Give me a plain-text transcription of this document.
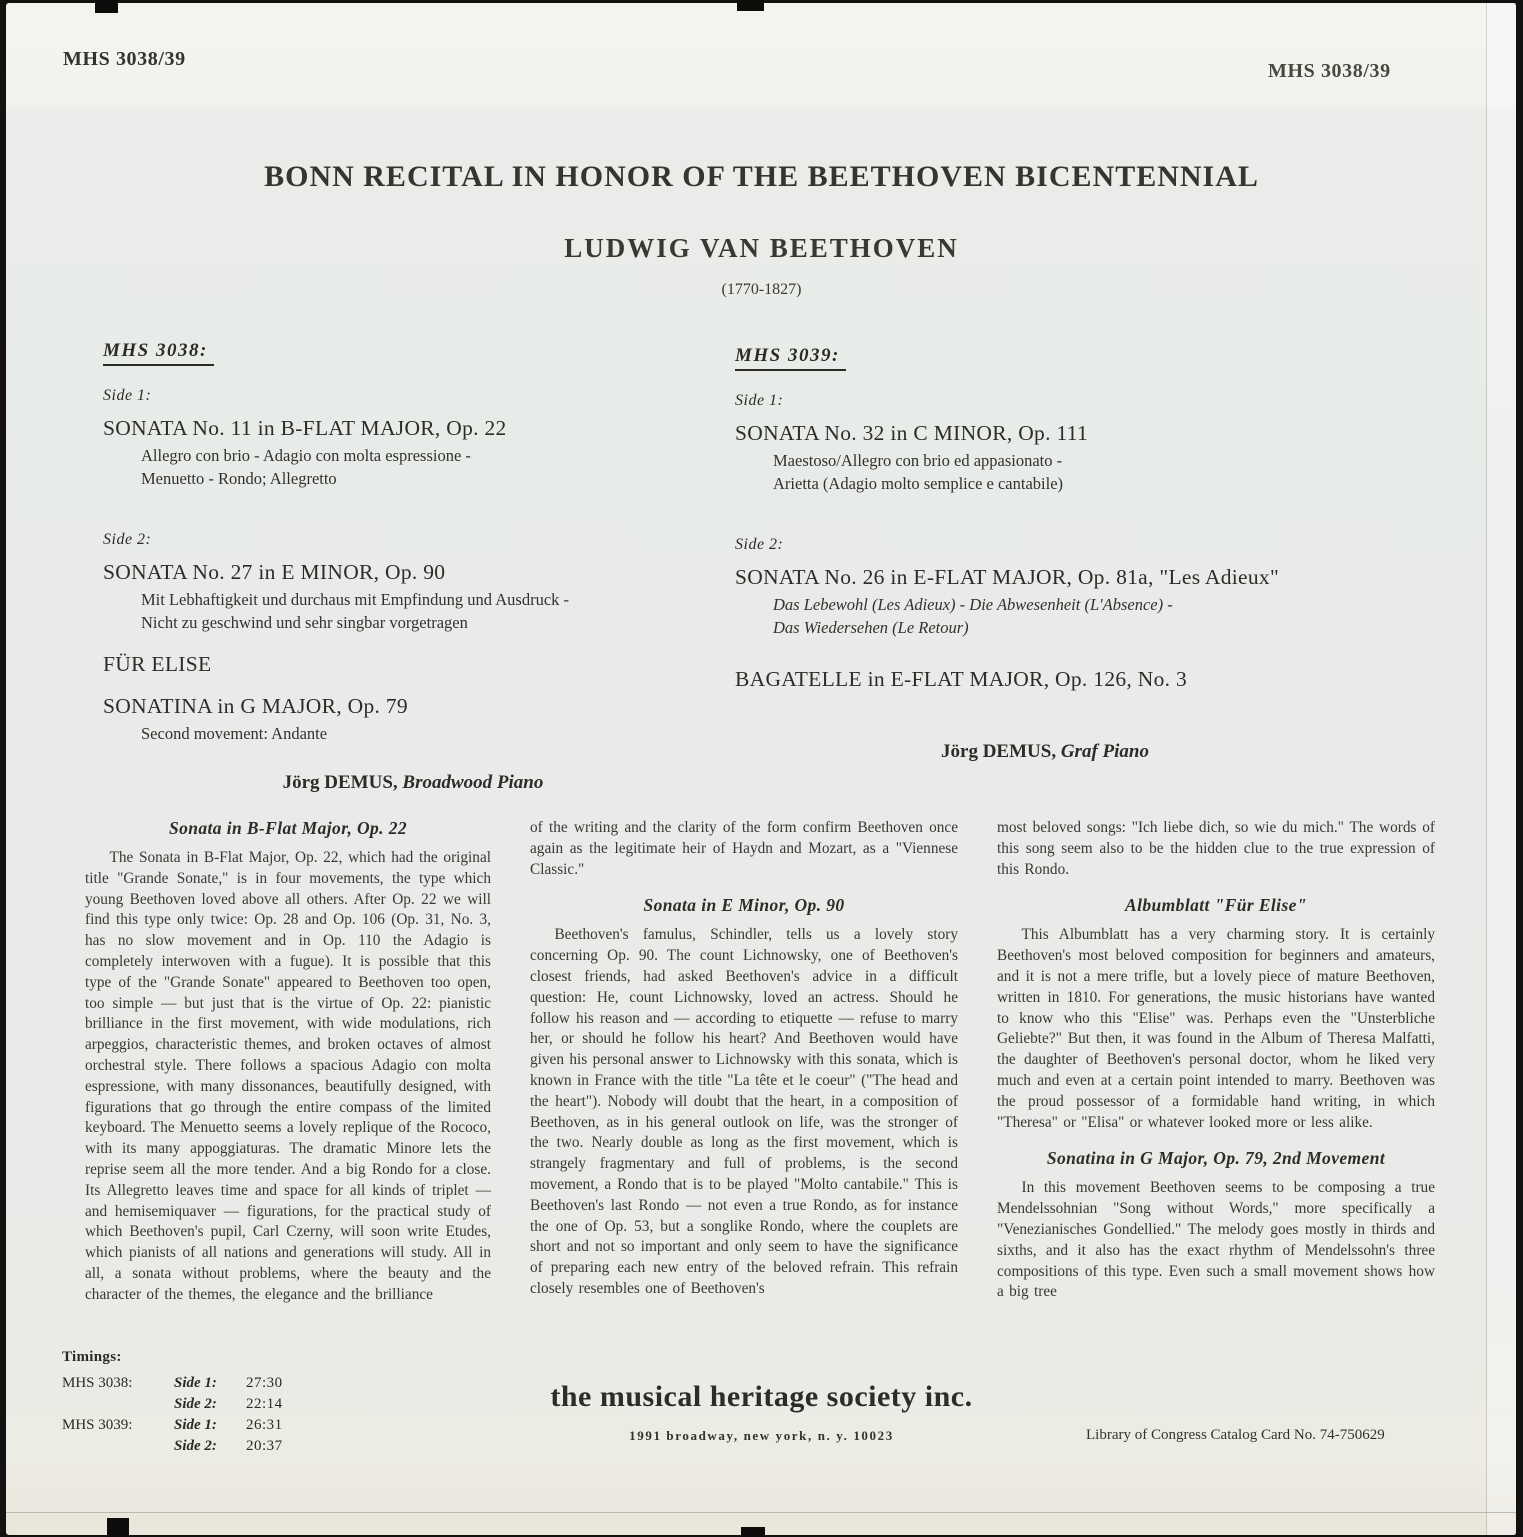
MHS 3038/39
MHS 3038/39
BONN RECITAL IN HONOR OF THE BEETHOVEN BICENTENNIAL
LUDWIG VAN BEETHOVEN
(1770-1827)
MHS 3038:
Side 1:
SONATA No. 11 in B-FLAT MAJOR, Op. 22
Allegro con brio - Adagio con molta espressione -
Menuetto - Rondo; Allegretto
Side 2:
SONATA No. 27 in E MINOR, Op. 90
Mit Lebhaftigkeit und durchaus mit Empfindung und Ausdruck -
Nicht zu geschwind und sehr singbar vorgetragen
FÜR ELISE
SONATINA in G MAJOR, Op. 79
Second movement: Andante
Jörg DEMUS, Broadwood Piano
MHS 3039:
Side 1:
SONATA No. 32 in C MINOR, Op. 111
Maestoso/Allegro con brio ed appasionato -
Arietta (Adagio molto semplice e cantabile)
Side 2:
SONATA No. 26 in E-FLAT MAJOR, Op. 81a, "Les Adieux"
Das Lebewohl (Les Adieux) - Die Abwesenheit (L'Absence) -
Das Wiedersehen (Le Retour)
BAGATELLE in E-FLAT MAJOR, Op. 126, No. 3
Jörg DEMUS, Graf Piano
Sonata in B-Flat Major, Op. 22
The Sonata in B-Flat Major, Op. 22, which had the original title "Grande Sonate," is in four movements, the type which young Beethoven loved above all others. After Op. 22 we will find this type only twice: Op. 28 and Op. 106 (Op. 31, No. 3, has no slow movement and in Op. 110 the Adagio is completely interwoven with a fugue). It is possible that this type of the "Grande Sonate" appeared to Beethoven too open, too simple — but just that is the virtue of Op. 22: pianistic brilliance in the first movement, with wide modulations, rich arpeggios, characteristic themes, and broken octaves of almost orchestral style. There follows a spacious Adagio con molta espressione, with many dissonances, beautifully designed, with figurations that go through the entire compass of the limited keyboard. The Menuetto seems a lovely replique of the Rococo, with its many appoggiaturas. The dramatic Minore lets the reprise seem all the more tender. And a big Rondo for a close. Its Allegretto leaves time and space for all kinds of triplet — and hemisemiquaver — figurations, for the practical study of which Beethoven's pupil, Carl Czerny, will soon write Etudes, which pianists of all nations and generations will study. All in all, a sonata without problems, where the beauty and the character of the themes, the elegance and the brilliance
of the writing and the clarity of the form confirm Beethoven once again as the legitimate heir of Haydn and Mozart, as a "Viennese Classic."
Sonata in E Minor, Op. 90
Beethoven's famulus, Schindler, tells us a lovely story concerning Op. 90. The count Lichnowsky, one of Beethoven's closest friends, had asked Beethoven's advice in a difficult question: He, count Lichnowsky, loved an actress. Should he follow his reason and — according to etiquette — refuse to marry her, or should he follow his heart? And Beethoven would have given his personal answer to Lichnowsky with this sonata, which is known in France with the title "La tête et le coeur" ("The head and the heart"). Nobody will doubt that the heart, in a composition of Beethoven, as in his general outlook on life, was the stronger of the two. Nearly double as long as the first movement, which is strangely fragmentary and full of problems, is the second movement, a Rondo that is to be played "Molto cantabile." This is Beethoven's last Rondo — not even a true Rondo, as for instance the one of Op. 53, but a songlike Rondo, where the couplets are short and not so important and only seem to have the significance of preparing each new entry of the beloved refrain. This refrain closely resembles one of Beethoven's
most beloved songs: "Ich liebe dich, so wie du mich." The words of this song seem also to be the hidden clue to the true expression of this Rondo.
Albumblatt "Für Elise"
This Albumblatt has a very charming story. It is certainly Beethoven's most beloved composition for beginners and amateurs, and it is not a mere trifle, but a lovely piece of mature Beethoven, written in 1810. For generations, the music historians have wanted to know who this "Elise" was. Perhaps even the "Unsterbliche Geliebte?" But then, it was found in the Album of Theresa Malfatti, the daughter of Beethoven's personal doctor, whom he liked very much and even at a certain point intended to marry. Beethoven was the proud possessor of a formidable hand writing, in which "Theresa" or "Elisa" or whatever looked more or less alike.
Sonatina in G Major, Op. 79, 2nd Movement
In this movement Beethoven seems to be composing a true Mendelssohnian "Song without Words," more specifically a "Venezianisches Gondellied." The melody goes mostly in thirds and sixths, and it also has the exact rhythm of Mendelssohn's three compositions of this type. Even such a small movement shows how a big tree
Timings:
MHS 3038:	Side 1:	27:30
Side 2:	22:14
MHS 3039:	Side 1:	26:31
Side 2:	20:37
the musical heritage society inc.
1991 broadway, new york, n. y. 10023	Library of Congress Catalog Card No. 74-750629
